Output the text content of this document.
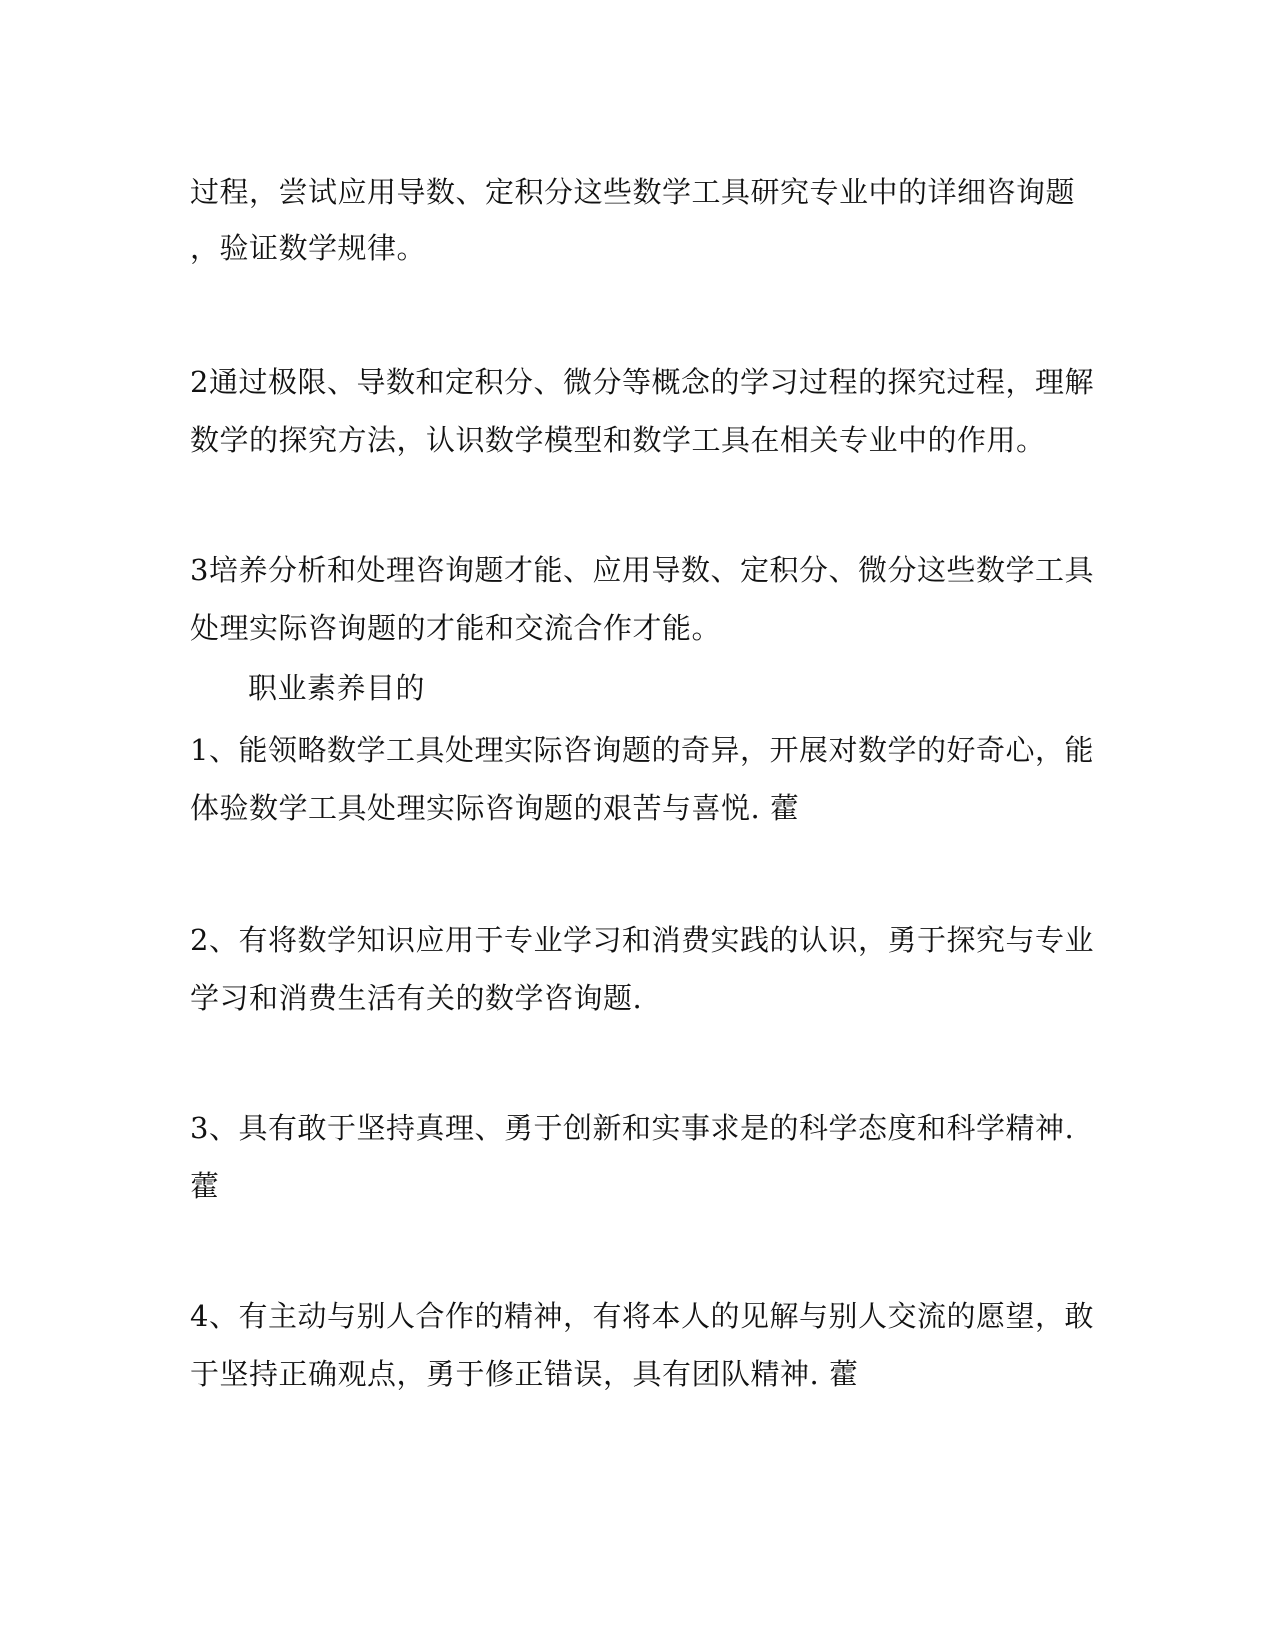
过程，尝试应用导数、定积分这些数学工具研究专业中的详细咨询题
，验证数学规律。
2通过极限、导数和定积分、微分等概念的学习过程的探究过程，理解
数学的探究方法，认识数学模型和数学工具在相关专业中的作用。
3培养分析和处理咨询题才能、应用导数、定积分、微分这些数学工具
处理实际咨询题的才能和交流合作才能。
职业素养目的
1、能领略数学工具处理实际咨询题的奇异，开展对数学的好奇心，能
体验数学工具处理实际咨询题的艰苦与喜悦. 藿
2、有将数学知识应用于专业学习和消费实践的认识，勇于探究与专业
学习和消费生活有关的数学咨询题.
3、具有敢于坚持真理、勇于创新和实事求是的科学态度和科学精神.
藿
4、有主动与别人合作的精神，有将本人的见解与别人交流的愿望，敢
于坚持正确观点，勇于修正错误，具有团队精神. 藿
